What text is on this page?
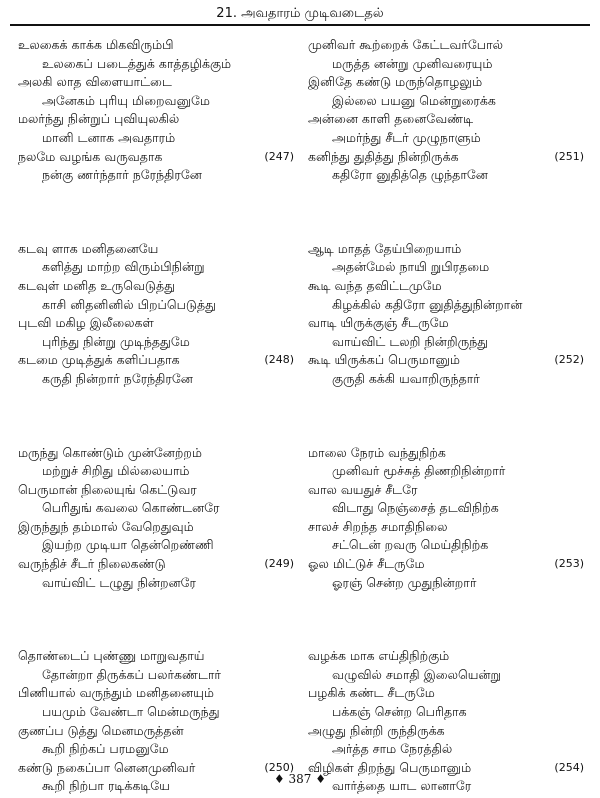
21. அவதாரம் முடிவடைதல்
உலகைக் காக்க மிகவிரும்பி
உலகைப் படைத்துக் காத்தழிக்கும்
அலகி லாத விளையாட்டை
அனேகம் புரியு மிறைவனுமே
மலர்ந்து நின்றுப் புவியுலகில்
மானி டனாக அவதாரம்
நலமே வழங்க வருவதாக	(247)
நன்கு ணர்ந்தார் நரேந்திரனே
கடவு ளாக மனிதனையே
களித்து மாற்ற விரும்பிநின்று
கடவுள் மனித உருவெடுத்து
காசி னிதனினில் பிறப்பெடுத்து
புடவி மகிழ இலீலைகள்
புரிந்து நின்று முடிந்ததுமே
கடமை முடித்துக் களிப்பதாக	(248)
கருதி நின்றார் நரேந்திரனே
மருந்து கொண்டும் முன்னேற்றம்
மற்றுச் சிறிது மில்லையாம்
பெருமான் நிலையுங் கெட்டுவர
பெரிதுங் கவலை கொண்டனரே
இருந்துந் தம்மால் வேறெதுவும்
இயற்ற முடியா தென்றெண்ணி
வருந்திச் சீடர் நிலைகண்டு	(249)
வாய்விட் டழுது நின்றனரே
தொண்டைப் புண்ணு மாறுவதாய்
தோன்றா திருக்கப் பலர்கண்டார்
பிணியால் வருந்தும் மனிதனையும்
பயமும் வேண்டா மென்மருந்து
குணப்ப டுத்து மெனமருத்தன்
கூறி நிற்கப் பரமனுமே
கண்டு நகைப்பா னெனமுனிவர்	(250)
கூறி நிற்பா ரடிக்கடியே
முனிவர் கூற்றைக் கேட்டவர்போல்
மருத்த னன்று முனிவரையும்
இனிதே கண்டு மருந்தொழலும்
இல்லை பயனு மென்றுரைக்க
அன்னை காளி தனைவேண்டி
அமர்ந்து சீடர் முழுநாளும்
கனிந்து துதித்து நின்றிருக்க	(251)
கதிரோ னுதித்தெ ழுந்தானே
ஆடி மாதத் தேய்பிறையாம்
அதன்மேல் நாயி றுபிரதமை
கூடி வந்த தவிட்டமுமே
கிழக்கில் கதிரோ னுதித்துநின்றான்
வாடி யிருக்குஞ் சீடருமே
வாய்விட் டலறி நின்றிருந்து
கூடி யிருக்கப் பெருமானும்	(252)
குருதி கக்கி யவாறிருந்தார்
மாலை நேரம் வந்துநிற்க
முனிவர் மூச்சுத் திணறிநின்றார்
வால வயதுச் சீடரே
விடாது நெஞ்சைத் தடவிநிற்க
சாலச் சிறந்த சமாதிநிலை
சட்டென் றவரு மெய்திநிற்க
ஓல மிட்டுச் சீடருமே	(253)
ஓரஞ் சென்ற முதுநின்றார்
வழக்க மாக எய்திநிற்கும்
வழுவில் சமாதி இலையென்று
பழகிக் கண்ட சீடருமே
பக்கஞ் சென்ற பெரிதாக
அழுது நின்றி ருந்திருக்க
அர்த்த சாம நேரத்தில்
விழிகள் திறந்து பெருமானும்	(254)
வார்த்தை யாட லானாரே
♦ 387 ♦
